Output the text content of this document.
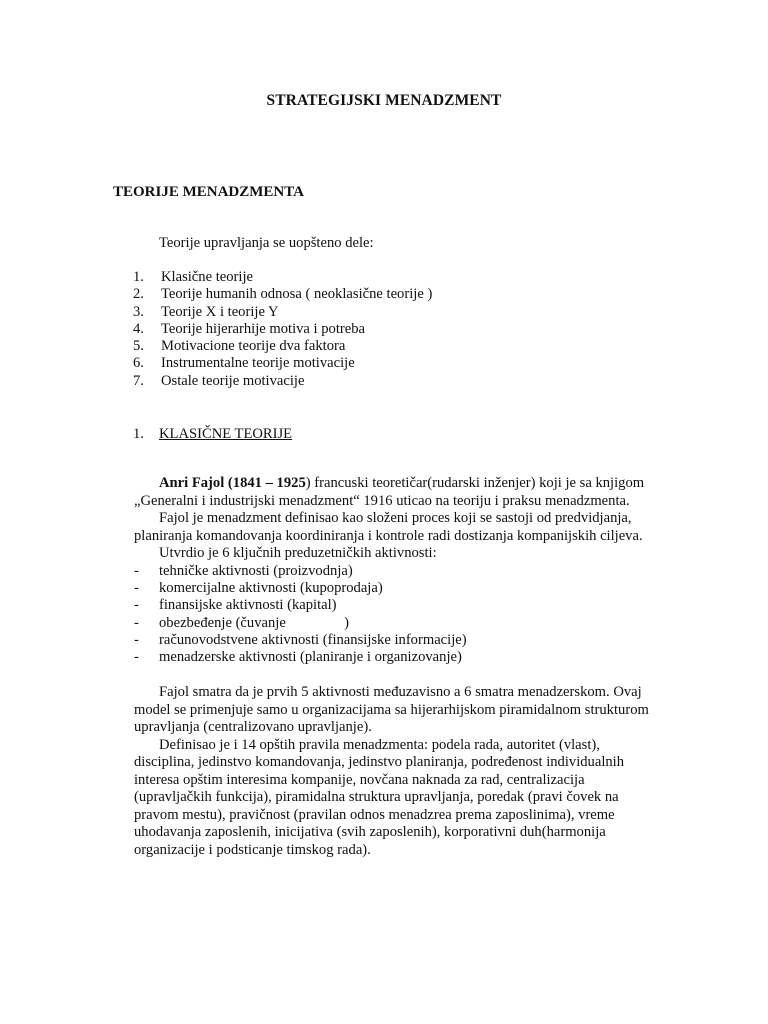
STRATEGIJSKI MENADZMENT
TEORIJE MENADZMENTA
Teorije upravljanja se uopšteno dele:
1.	Klasične teorije
2.	Teorije humanih odnosa ( neoklasične teorije )
3.	Teorije X i teorije Y
4.	Teorije hijerarhije motiva i potreba
5.	Motivacione teorije dva faktora
6.	Instrumentalne teorije motivacije
7.	Ostale teorije motivacije
1.	KLASIČNE TEORIJE

Anri Fajol (1841 – 1925) francuski teoretičar(rudarski inženjer) koji je sa knjigom „Generalni i industrijski menadzment“ 1916 uticao na teoriju i praksu menadzmenta.

Fajol je menadzment definisao kao složeni proces koji se sastoji od predvidjanja, planiranja komandovanja koordiniranja i kontrole radi dostizanja kompanijskih ciljeva.

Utvrdio je 6 ključnih preduzetničkih aktivnosti:

-	tehničke aktivnosti (proizvodnja)
-	komercijalne aktivnosti (kupoprodaja)
-	finansijske aktivnosti (kapital)
-	obezbeđenje (čuvanje                )
-	računovodstvene aktivnosti (finansijske informacije)
-	menadzerske aktivnosti (planiranje i organizovanje)

Fajol smatra da je prvih 5 aktivnosti međuzavisno a 6 smatra menadzerskom. Ovaj model se primenjuje samo u organizacijama sa hijerarhijskom piramidalnom strukturom upravljanja (centralizovano upravljanje).

Definisao je i 14 opštih pravila menadzmenta: podela rada, autoritet (vlast), disciplina, jedinstvo komandovanja, jedinstvo planiranja, podređenost individualnih interesa opštim interesima kompanije, novčana naknada za rad, centralizacija (upravljačkih funkcija), piramidalna struktura upravljanja, poredak (pravi čovek na pravom mestu), pravičnost (pravilan odnos menadzrea prema zaposlinima), vreme uhodavanja zaposlenih, inicijativa (svih zaposlenih), korporativni duh(harmonija organizacije i podsticanje timskog rada).
